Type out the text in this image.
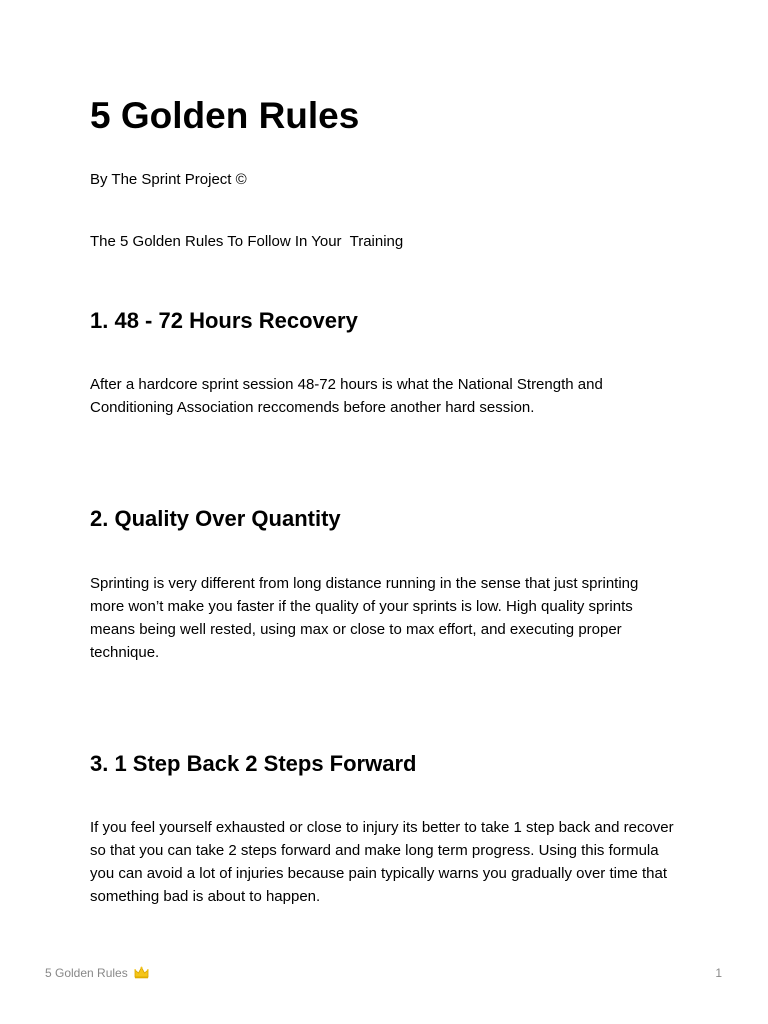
5 Golden Rules

By The Sprint Project ©

The 5 Golden Rules To Follow In Your  Training

1. 48 - 72 Hours Recovery

After a hardcore sprint session 48-72 hours is what the National Strength and
Conditioning Association reccomends before another hard session.

2. Quality Over Quantity

Sprinting is very different from long distance running in the sense that just sprinting
more won’t make you faster if the quality of your sprints is low. High quality sprints
means being well rested, using max or close to max effort, and executing proper
technique.

3. 1 Step Back 2 Steps Forward

If you feel yourself exhausted or close to injury its better to take 1 step back and recover
so that you can take 2 steps forward and make long term progress. Using this formula
you can avoid a lot of injuries because pain typically warns you gradually over time that
something bad is about to happen.

5 Golden Rules	1
